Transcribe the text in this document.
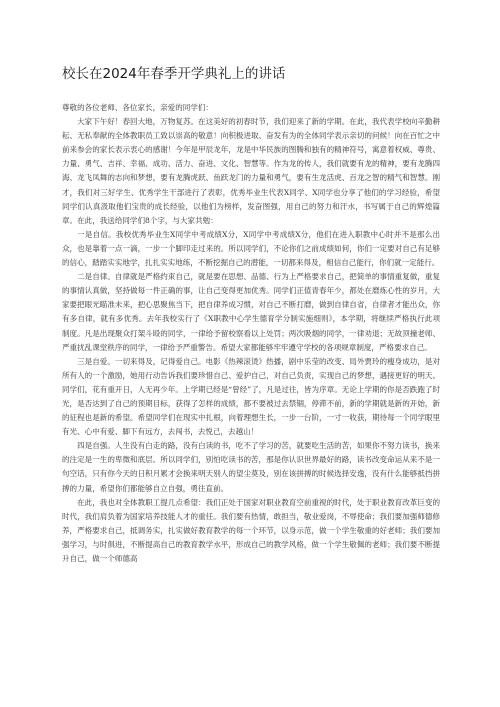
校长在2024年春季开学典礼上的讲话

尊敬的各位老师、各位家长，亲爱的同学们：

大家下午好！春回大地，万物复苏。在这美好的初春时节，我们迎来了新的学期。在此，我代表学校向辛勤耕耘、无私奉献的全体教职员工致以崇高的敬意！向积极进取、奋发有为的全体同学表示亲切的问候！向在百忙之中前来参会的家长表示衷心的感谢！今年是甲辰龙年，龙是中华民族的图腾和独有的精神符号，寓意着权威、尊贵、力量、勇气、吉祥、幸福、成功、活力、奋进、文化、智慧等。作为龙的传人，我们就要有龙的精神，要有龙腾四海、龙飞凤舞的志向和梦想，要有龙腾虎跃、鱼跃龙门的力量和勇气，要有生龙活虎、百龙之智的精气和智慧。刚才，我们对三好学生、优秀学生干部进行了表彰，优秀毕业生代表X同学、X同学也分享了他们的学习经验，希望同学们认真汲取他们宝贵的成长经验，以他们为榜样，发奋图强，用自己的努力和汗水，书写属于自己的辉煌篇章。在此，我送给同学们8个字，与大家共勉：

一是自信。我校优秀毕业生X同学中考成绩X分，X同学中考成绩X分，他们在进入职教中心时并不是那么出众，也是靠着一点一滴，一步一个脚印走过来的。所以同学们，不论你们之前成绩如何，你们一定要对自己有足够的信心，踏踏实实地学，扎扎实实地练，不断挖掘自己的潜能，一切都来得及，相信自己能行，你们就一定能行。

二是自律。自律就是严格约束自己，就是要在思想、品德、行为上严格要求自己，把简单的事情重复做，重复的事情认真做，坚持做每一件正确的事，让自己变得更加优秀。同学们正值青春年少，都处在磨炼心性的岁月，大家要把眼光瞄准未来，把心思聚焦当下，把自律养成习惯，对自己不断打磨，做到自律自省，自律者才能出众，你有多自律，就有多优秀。去年我校实行了《X职教中心学生德育学分制实施细则》，本学期，将继续严格执行此项制度。凡是出现聚众打架斗殴的同学，一律给予留校察看以上处罚；两次吸烟的同学，一律劝退；无故顶撞老师、严重扰乱课堂秩序的同学，一律给予严重警告。希望大家都能够牢牢遵守学校的各项规章制度，严格要求自己。

三是自爱。一切来得及，记得爱自己。电影《热辣滚烫》热播，剧中乐莹的改变、局外贾玲的瘦身成功，是对所有人的一个激励，她用行动告诉我们要珍惜自己、爱护自己，对自己负责，实现自己的梦想，遇接更好的明天。同学们，花有重开日，人无再少年。上学期已经是“曾经”了，凡是过往，皆为序章。无论上学期的你是否跌跑了时光，是否达到了自己的预期目标，获得了怎样的成绩，都不要被过去禁锢，停滞不前，新的学期就是新的开始，新的征程也是新的希望。希望同学们在现实中扎根，向着理想生长，一步一台阶，一寸一收获，期待每一个同学眼里有光、心中有爱、脚下有远方，去闯书，去悦己，去越山！

四是自强。人生没有白走的路，没有白读的书，吃不了学习的苦，就要吃生活的苦，如果你不努力读书，换来的注定是一生的卑微和底层。所以同学们，别怕吃读书的苦，那是你认识世界最好的路，读书改变命运从来不是一句空话，只有你今天的日积月累才会换来明天别人的望尘莫及，别在该拼搏的时候选择安逸，没有什么能够抵挡拼搏的力量，希望你们都能够自立自强，勇往直前。

在此，我也对全体教职工提几点希望：我们正处于国家对职业教育空前重视的时代，处于职业教育改革巨变的时代，我们肩负着为国家培养技能人才的重任。我们要有热情，敢担当，敬业爱岗，不辱使命；我们要加强师德修养，严格要求自己，抵调务实，扎实做好教育教学的每一个环节，以身示范，做一个学生敬重的好老师；我们要加强学习，与时俱进，不断提高自己的教育教学水平，形成自己的教学风格，做一个学生敬佩的老师；我们要不断提升自己，做一个师德高
